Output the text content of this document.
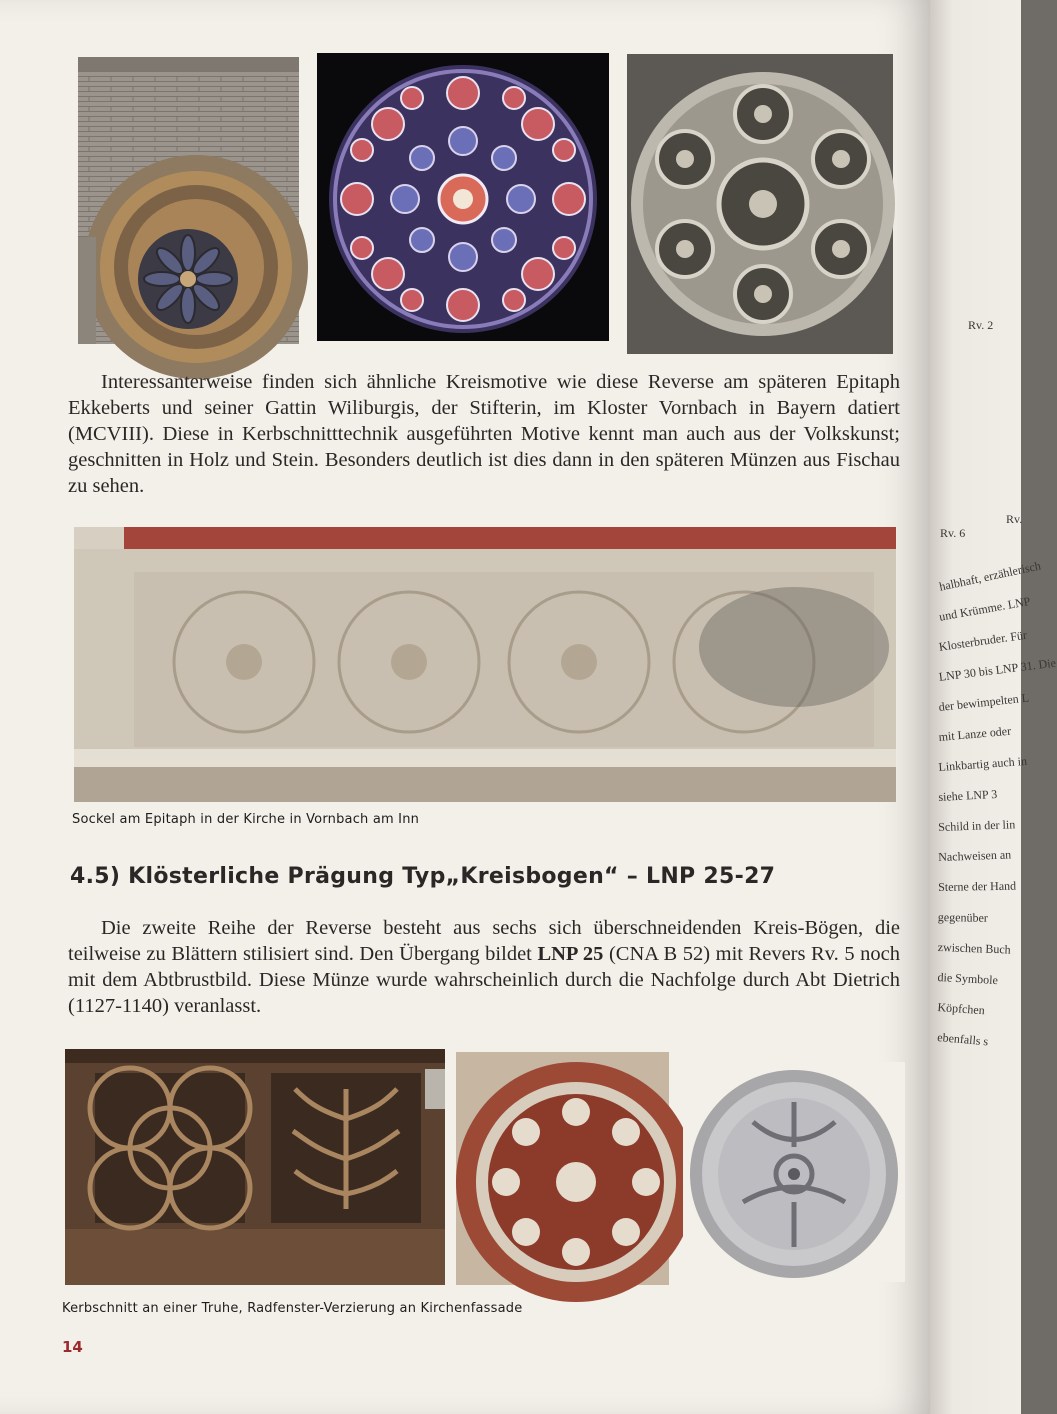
Interessanterweise finden sich ähnliche Kreismotive wie diese Reverse am späteren Epitaph Ekkeberts und seiner Gattin Wiliburgis, der Stifterin, im Kloster Vornbach in Bayern datiert (MCVIII). Diese in Kerbschnitttechnik ausgeführten Motive kennt man auch aus der Volkskunst; geschnitten in Holz und Stein. Besonders deutlich ist dies dann in den späteren Münzen aus Fischau zu sehen.

Sockel am Epitaph in der Kirche in Vornbach am Inn
4.5) Klösterliche Prägung Typ„Kreisbogen“ – LNP 25-27

Die zweite Reihe der Reverse besteht aus sechs sich überschneidenden Kreis-Bögen, die teilweise zu Blättern stilisiert sind. Den Übergang bildet LNP 25 (CNA B 52) mit Revers Rv. 5 noch mit dem Abtbrustbild. Diese Münze wurde wahrscheinlich durch die Nachfolge durch Abt Dietrich (1127-1140) veranlasst.

Kerbschnitt an einer Truhe, Radfenster-Verzierung an Kirchenfassade
14
Rv. 2
Rv. 6
Rv.
halbhaft, erzählerisch
und Krümme. LNP
Klosterbruder. Für
LNP 30 bis LNP 31. Die
der bewimpelten L
mit Lanze oder
Linkbartig auch in
siehe LNP 3
Schild in der lin
Nachweisen an
Sterne der Hand
gegenüber
zwischen Buch
die Symbole
Köpfchen
ebenfalls s
